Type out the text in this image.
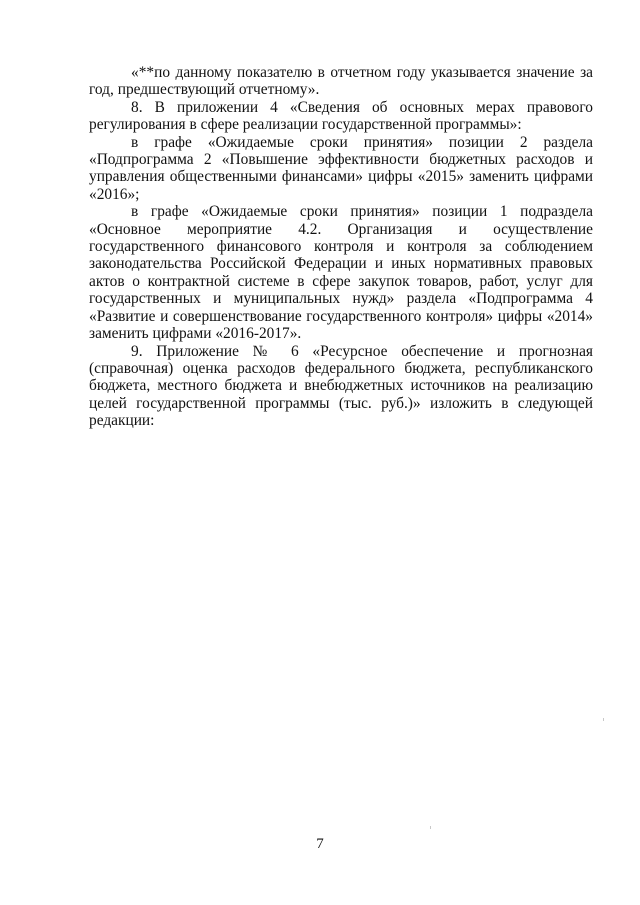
«**по данному показателю в отчетном году указывается значение за год, предшествующий отчетному».

8. В приложении 4 «Сведения об основных мерах правового регулирования в сфере реализации государственной программы»:

в графе «Ожидаемые сроки принятия» позиции 2 раздела «Подпрограмма 2 «Повышение эффективности бюджетных расходов и управления общественными финансами» цифры «2015» заменить цифрами «2016»;

в графе «Ожидаемые сроки принятия» позиции 1 подраздела «Основное мероприятие 4.2. Организация и осуществление государственного финансового контроля и контроля за соблюдением законодательства Российской Федерации и иных нормативных правовых актов о контрактной системе в сфере закупок товаров, работ, услуг для государственных и муниципальных нужд» раздела «Подпрограмма 4 «Развитие и совершенствование государственного контроля» цифры «2014» заменить цифрами «2016-2017».

9. Приложение № 6 «Ресурсное обеспечение и прогнозная (справочная) оценка расходов федерального бюджета, республиканского бюджета, местного бюджета и внебюджетных источников на реализацию целей государственной программы (тыс. руб.)» изложить в следующей редакции:

7
